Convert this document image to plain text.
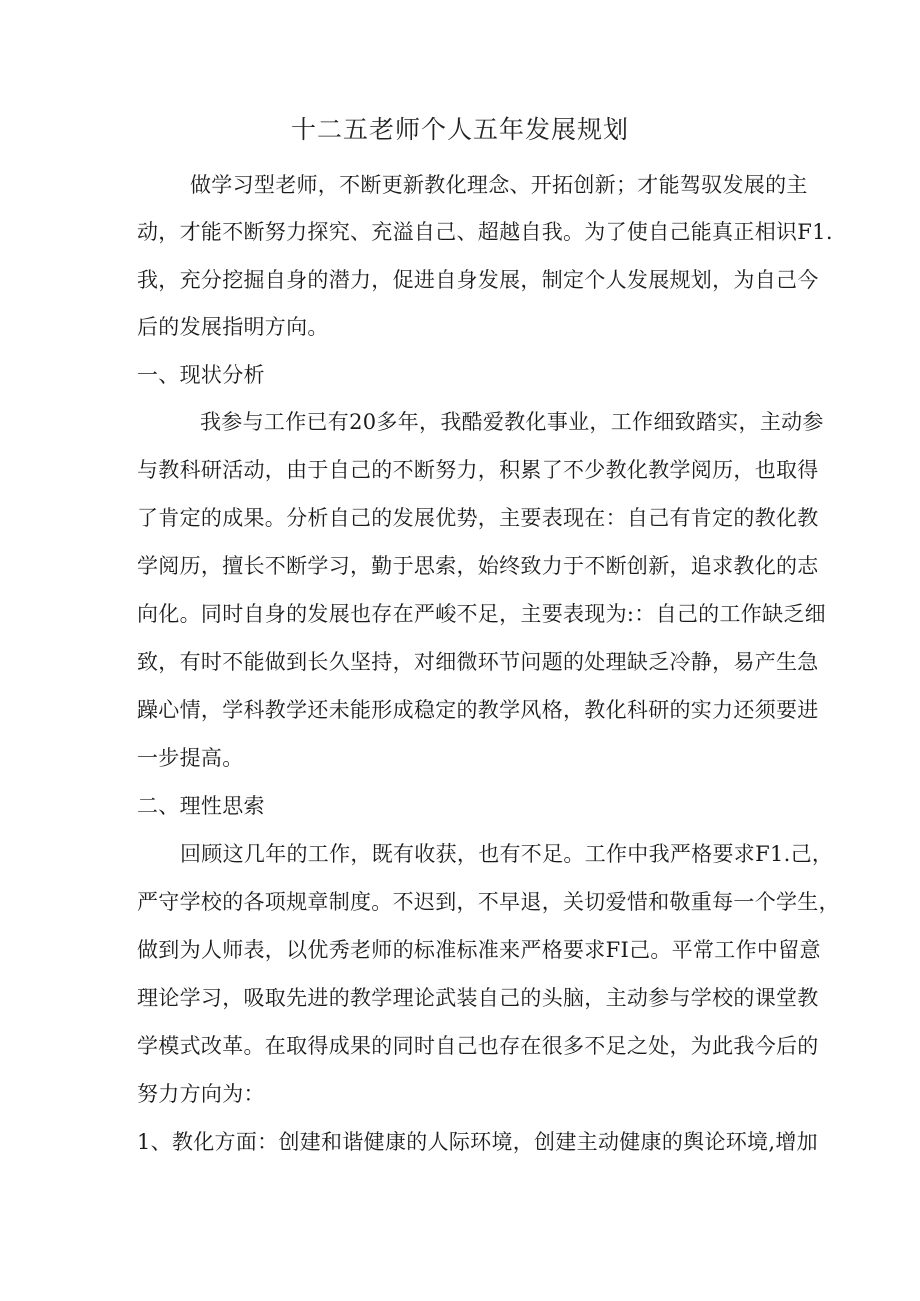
十二五老师个人五年发展规划
做学习型老师，不断更新教化理念、开拓创新；才能驾驭发展的主
动，才能不断努力探究、充溢自己、超越自我。为了使自己能真正相识F1.
我，充分挖掘自身的潜力，促进自身发展，制定个人发展规划，为自己今
后的发展指明方向。
一、现状分析
我参与工作已有20多年，我酷爱教化事业，工作细致踏实，主动参
与教科研活动，由于自己的不断努力，积累了不少教化教学阅历，也取得
了肯定的成果。分析自己的发展优势，主要表现在：自己有肯定的教化教
学阅历，擅长不断学习，勤于思索，始终致力于不断创新，追求教化的志
向化。同时自身的发展也存在严峻不足，主要表现为:：自己的工作缺乏细
致，有时不能做到长久坚持，对细微环节问题的处理缺乏冷静，易产生急
躁心情，学科教学还未能形成稳定的教学风格，教化科研的实力还须要进
一步提高。
二、理性思索
回顾这几年的工作，既有收获，也有不足。工作中我严格要求F1.己，
严守学校的各项规章制度。不迟到，不早退，关切爱惜和敬重每一个学生，
做到为人师表，以优秀老师的标准标准来严格要求FI己。平常工作中留意
理论学习，吸取先进的教学理论武装自己的头脑，主动参与学校的课堂教
学模式改革。在取得成果的同时自己也存在很多不足之处，为此我今后的
努力方向为：
1、教化方面：创建和谐健康的人际环境，创建主动健康的舆论环境,增加
